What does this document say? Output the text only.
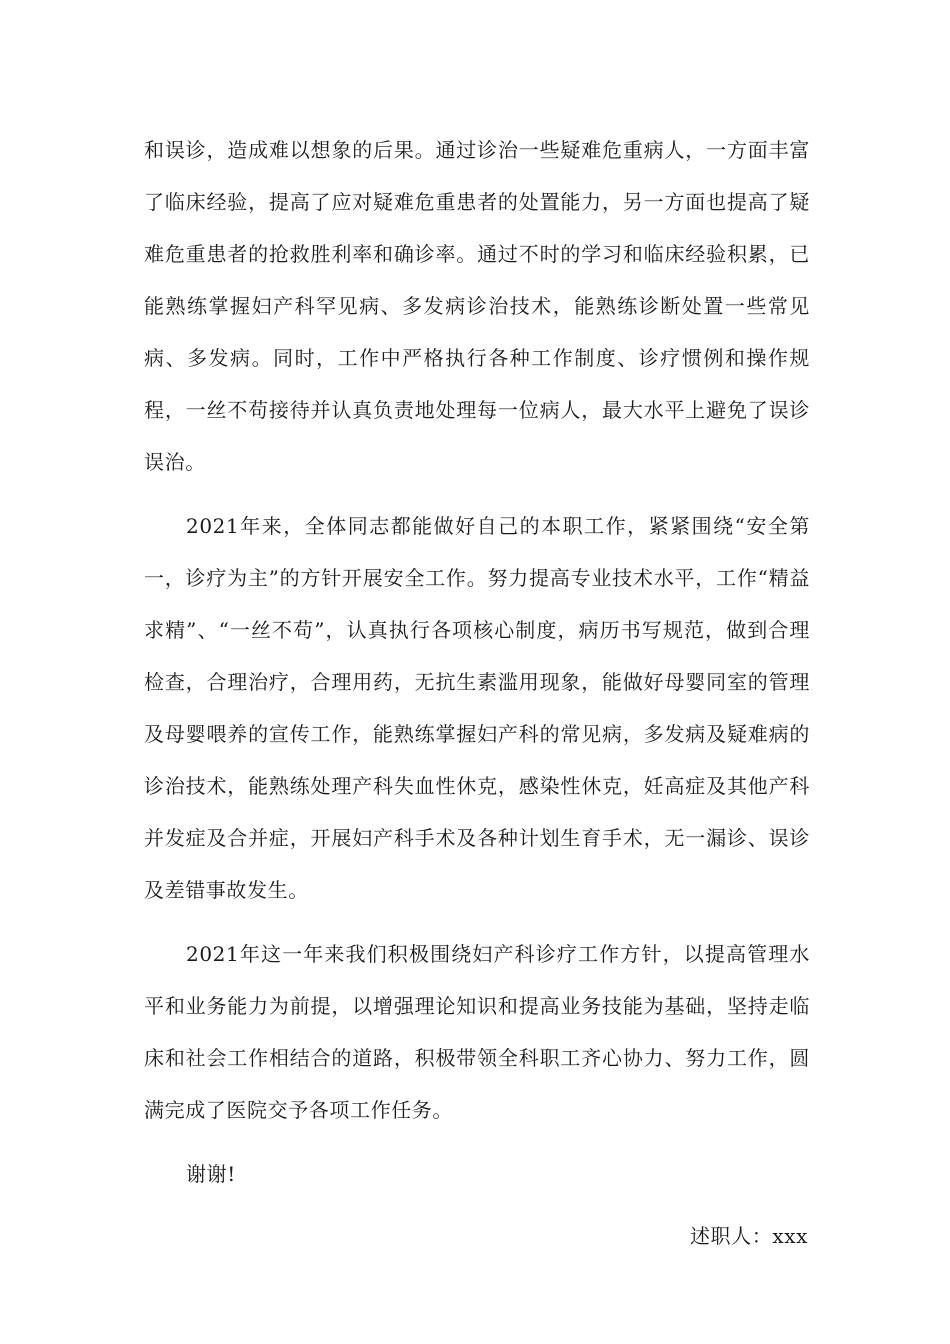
和误诊，造成难以想象的后果。通过诊治一些疑难危重病人，一方面丰富了临床经验，提高了应对疑难危重患者的处置能力，另一方面也提高了疑难危重患者的抢救胜利率和确诊率。通过不时的学习和临床经验积累，已能熟练掌握妇产科罕见病、多发病诊治技术，能熟练诊断处置一些常见病、多发病。同时，工作中严格执行各种工作制度、诊疗惯例和操作规程，一丝不苟接待并认真负责地处理每一位病人，最大水平上避免了误诊误治。

2021年来，全体同志都能做好自己的本职工作，紧紧围绕“安全第一，诊疗为主”的方针开展安全工作。努力提高专业技术水平，工作“精益求精”、“一丝不苟”，认真执行各项核心制度，病历书写规范，做到合理检查，合理治疗，合理用药，无抗生素滥用现象，能做好母婴同室的管理及母婴喂养的宣传工作，能熟练掌握妇产科的常见病，多发病及疑难病的诊治技术，能熟练处理产科失血性休克，感染性休克，妊高症及其他产科并发症及合并症，开展妇产科手术及各种计划生育手术，无一漏诊、误诊及差错事故发生。

2021年这一年来我们积极围绕妇产科诊疗工作方针，以提高管理水平和业务能力为前提，以增强理论知识和提高业务技能为基础，坚持走临床和社会工作相结合的道路，积极带领全科职工齐心协力、努力工作，圆满完成了医院交予各项工作任务。

谢谢!

述职人：xxx
